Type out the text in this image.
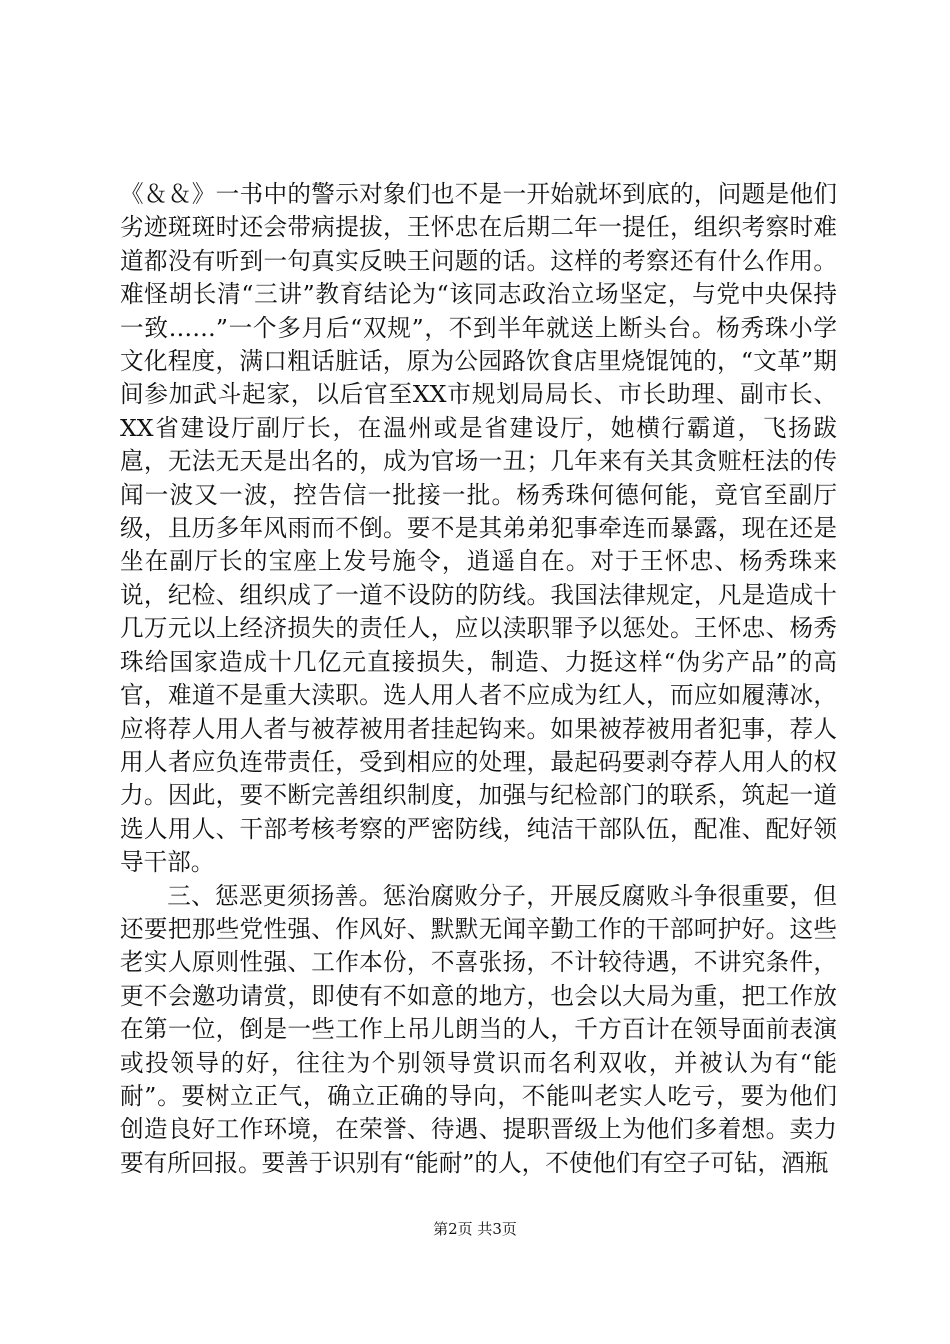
《＆＆》一书中的警示对象们也不是一开始就坏到底的，问题是他们劣迹斑斑时还会带病提拔，王怀忠在后期二年一提任，组织考察时难道都没有听到一句真实反映王问题的话。这样的考察还有什么作用。难怪胡长清“三讲”教育结论为“该同志政治立场坚定，与党中央保持一致……”一个多月后“双规”，不到半年就送上断头台。杨秀珠小学文化程度，满口粗话脏话，原为公园路饮食店里烧馄饨的，“文革”期间参加武斗起家，以后官至XX市规划局局长、市长助理、副市长、XX省建设厅副厅长，在温州或是省建设厅，她横行霸道，飞扬跋扈，无法无天是出名的，成为官场一丑；几年来有关其贪赃枉法的传闻一波又一波，控告信一批接一批。杨秀珠何德何能，竟官至副厅级，且历多年风雨而不倒。要不是其弟弟犯事牵连而暴露，现在还是坐在副厅长的宝座上发号施令，逍遥自在。对于王怀忠、杨秀珠来说，纪检、组织成了一道不设防的防线。我国法律规定，凡是造成十几万元以上经济损失的责任人，应以渎职罪予以惩处。王怀忠、杨秀珠给国家造成十几亿元直接损失，制造、力挺这样“伪劣产品”的高官，难道不是重大渎职。选人用人者不应成为红人，而应如履薄冰，应将荐人用人者与被荐被用者挂起钩来。如果被荐被用者犯事，荐人用人者应负连带责任，受到相应的处理，最起码要剥夺荐人用人的权力。因此，要不断完善组织制度，加强与纪检部门的联系，筑起一道选人用人、干部考核考察的严密防线，纯洁干部队伍，配准、配好领导干部。

三、惩恶更须扬善。惩治腐败分子，开展反腐败斗争很重要，但还要把那些党性强、作风好、默默无闻辛勤工作的干部呵护好。这些老实人原则性强、工作本份，不喜张扬，不计较待遇，不讲究条件，更不会邀功请赏，即使有不如意的地方，也会以大局为重，把工作放在第一位，倒是一些工作上吊儿朗当的人，千方百计在领导面前表演或投领导的好，往往为个别领导赏识而名利双收，并被认为有“能耐”。要树立正气，确立正确的导向，不能叫老实人吃亏，要为他们创造良好工作环境，在荣誉、待遇、提职晋级上为他们多着想。卖力要有所回报。要善于识别有“能耐”的人，不使他们有空子可钻，酒瓶

第2页 共3页
